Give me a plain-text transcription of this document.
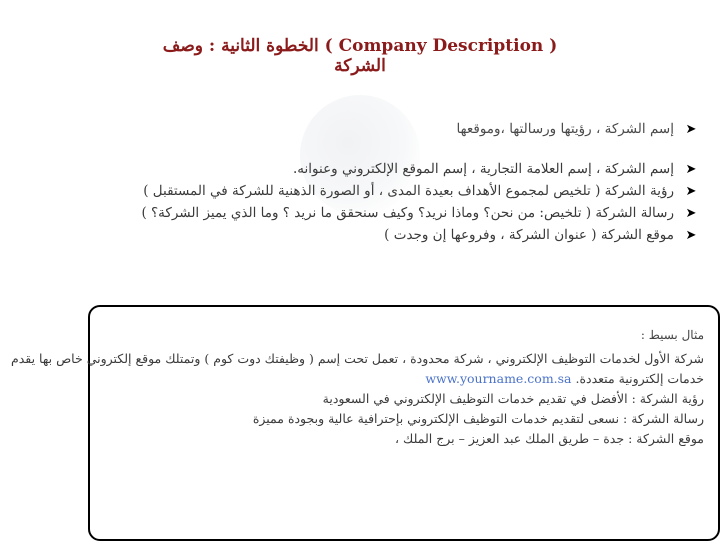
( Company Description ) الخطوة الثانية : وصف الشركة
➤
إسم الشركة ، رؤيتها ورسالتها ،وموقعها
➤
إسم الشركة ، إسم العلامة التجارية ، إسم الموقع الإلكتروني وعنوانه.
➤
رؤية الشركة ( تلخيص لمجموع الأهداف بعيدة المدى ، أو الصورة الذهنية للشركة في المستقبل )
➤
رسالة الشركة ( تلخيص: من نحن؟ وماذا نريد؟ وكيف سنحقق ما نريد ؟ وما الذي يميز الشركة؟ )
➤
موقع الشركة ( عنوان الشركة ، وفروعها إن وجدت )
مثال بسيط :
شركة الأول لخدمات التوظيف الإلكتروني ، شركة محدودة ، تعمل تحت إسم ( وظيفتك دوت كوم ) وتمتلك موقع إلكتروني خاص بها يقدم
خدمات إلكترونية متعددة. www.yourname.com.sa
رؤية الشركة : الأفضل في تقديم خدمات التوظيف الإلكتروني في السعودية
رسالة الشركة : نسعى لتقديم خدمات التوظيف الإلكتروني بإحترافية عالية وبجودة مميزة
موقع الشركة : جدة – طريق الملك عبد العزيز – برج الملك ،
